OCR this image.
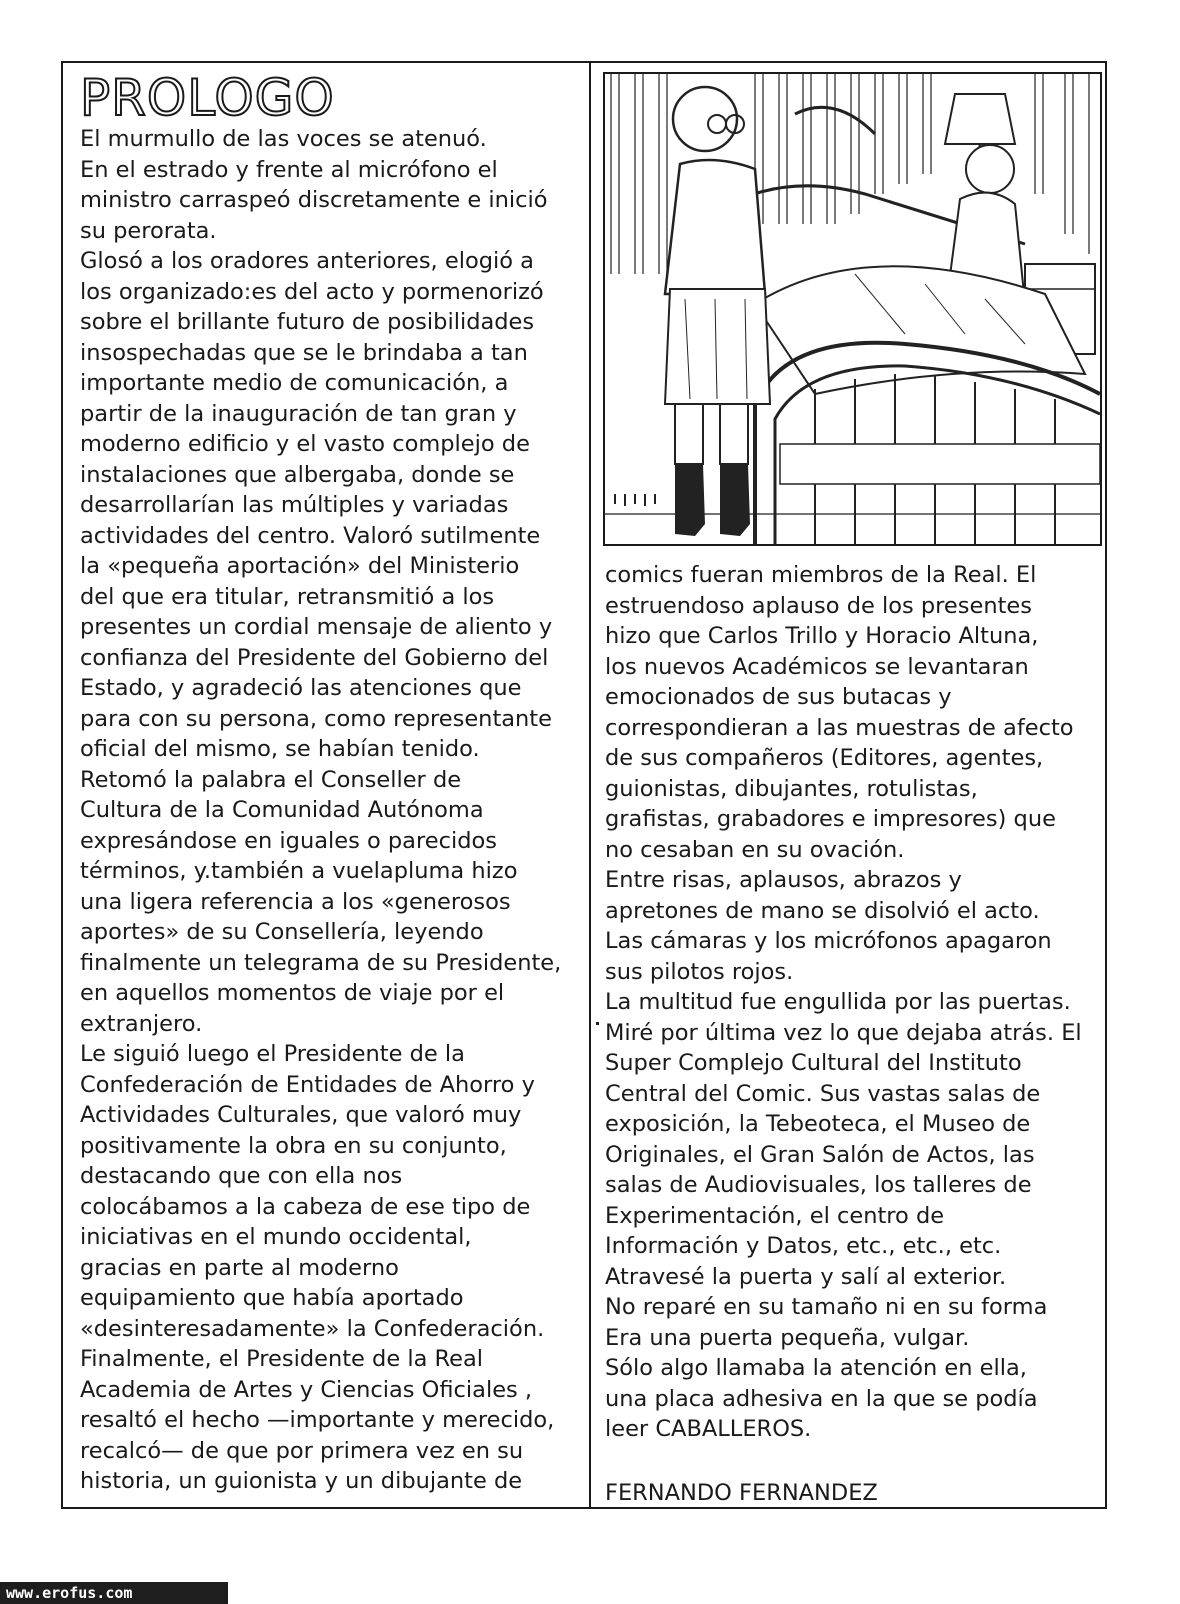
PROLOGO
El murmullo de las voces se atenuó.
En el estrado y frente al micrófono el
ministro carraspeó discretamente e inició
su perorata.
Glosó a los oradores anteriores, elogió a
los organizado:es del acto y pormenorizó
sobre el brillante futuro de posibilidades
insospechadas que se le brindaba a tan
importante medio de comunicación, a
partir de la inauguración de tan gran y
moderno edificio y el vasto complejo de
instalaciones que albergaba, donde se
desarrollarían las múltiples y variadas
actividades del centro. Valoró sutilmente
la «pequeña aportación» del Ministerio
del que era titular, retransmitió a los
presentes un cordial mensaje de aliento y
confianza del Presidente del Gobierno del
Estado, y agradeció las atenciones que
para con su persona, como representante
oficial del mismo, se habían tenido.
Retomó la palabra el Conseller de
Cultura de la Comunidad Autónoma
expresándose en iguales o parecidos
términos, y.también a vuelapluma hizo
una ligera referencia a los «generosos
aportes» de su Consellería, leyendo
finalmente un telegrama de su Presidente,
en aquellos momentos de viaje por el
extranjero.
Le siguió luego el Presidente de la
Confederación de Entidades de Ahorro y
Actividades Culturales, que valoró muy
positivamente la obra en su conjunto,
destacando que con ella nos
colocábamos a la cabeza de ese tipo de
iniciativas en el mundo occidental,
gracias en parte al moderno
equipamiento que había aportado
«desinteresadamente» la Confederación.
Finalmente, el Presidente de la Real
Academia de Artes y Ciencias Oficiales ,
resaltó el hecho —importante y merecido,
recalcó— de que por primera vez en su
historia, un guionista y un dibujante de
comics fueran miembros de la Real. El
estruendoso aplauso de los presentes
hizo que Carlos Trillo y Horacio Altuna,
los nuevos Académicos se levantaran
emocionados de sus butacas y
correspondieran a las muestras de afecto
de sus compañeros (Editores, agentes,
guionistas, dibujantes, rotulistas,
grafistas, grabadores e impresores) que
no cesaban en su ovación.
Entre risas, aplausos, abrazos y
apretones de mano se disolvió el acto.
Las cámaras y los micrófonos apagaron
sus pilotos rojos.
La multitud fue engullida por las puertas.
Miré por última vez lo que dejaba atrás. El
Super Complejo Cultural del Instituto
Central del Comic. Sus vastas salas de
exposición, la Tebeoteca, el Museo de
Originales, el Gran Salón de Actos, las
salas de Audiovisuales, los talleres de
Experimentación, el centro de
Información y Datos, etc., etc., etc.
Atravesé la puerta y salí al exterior.
No reparé en su tamaño ni en su forma
Era una puerta pequeña, vulgar.
Sólo algo llamaba la atención en ella,
una placa adhesiva en la que se podía
leer CABALLEROS.

FERNANDO FERNANDEZ

www.erofus.com
